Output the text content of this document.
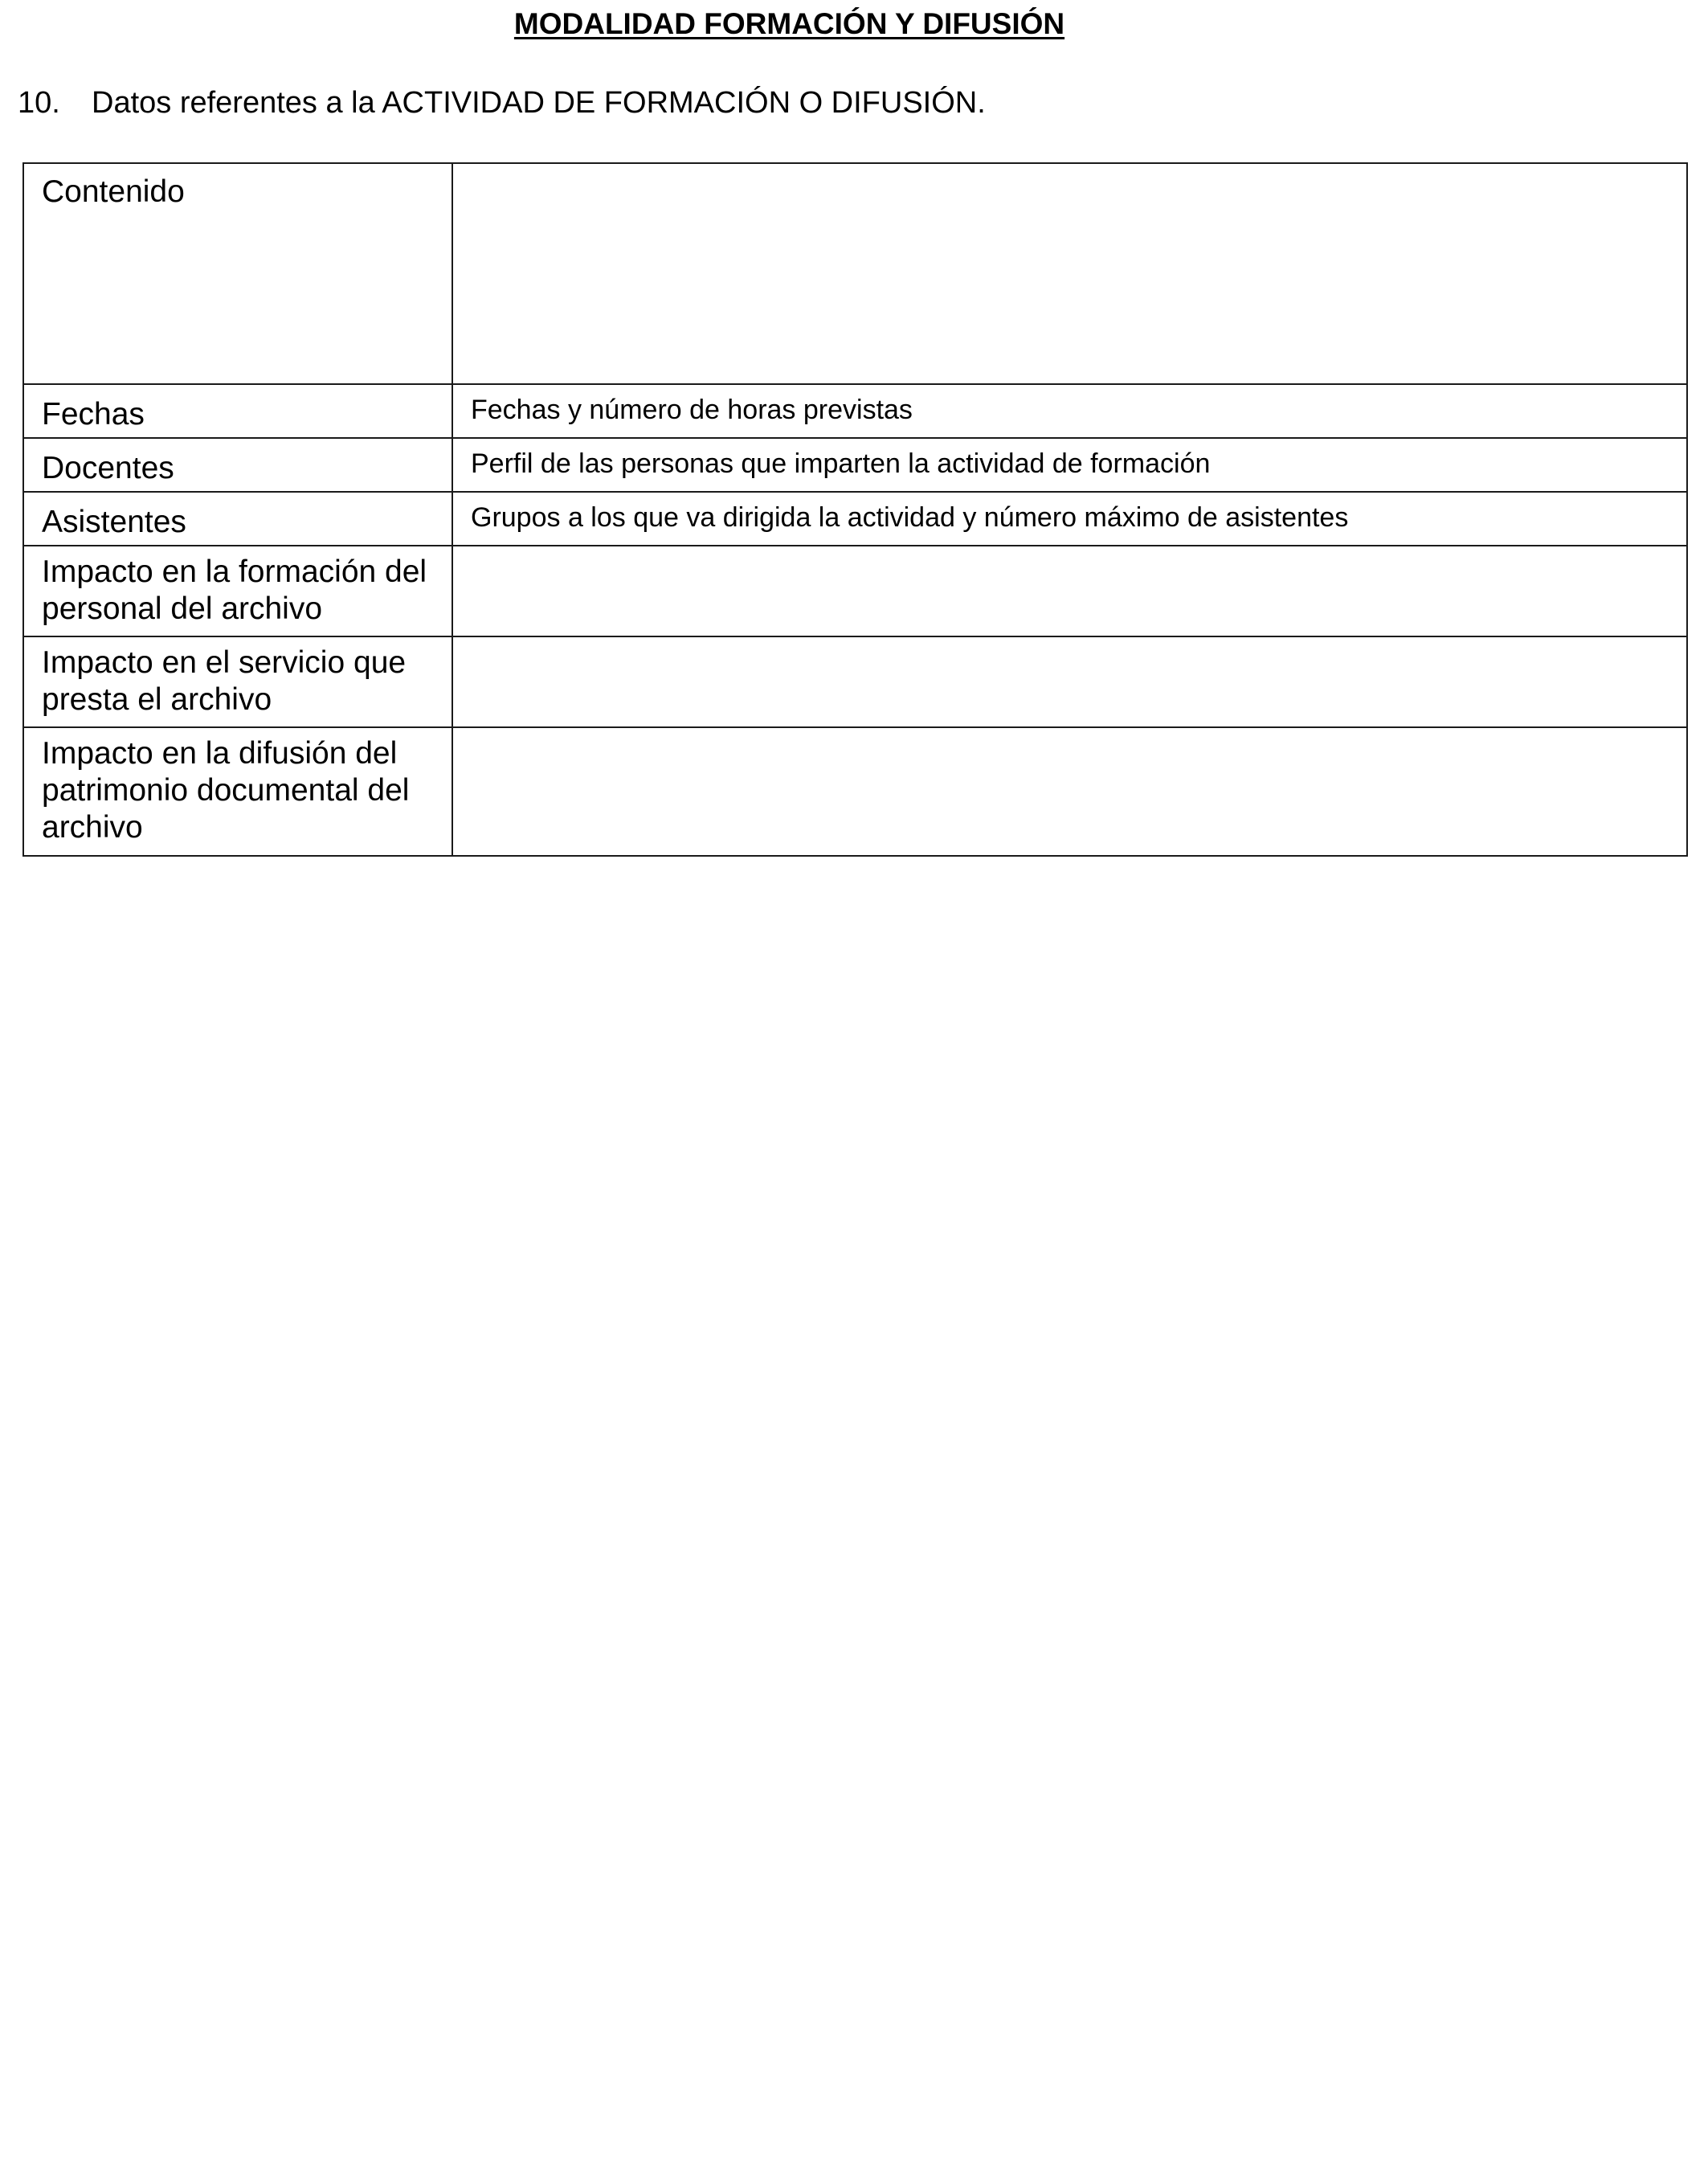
MODALIDAD FORMACIÓN Y DIFUSIÓN
10. Datos referentes a la ACTIVIDAD DE FORMACIÓN O DIFUSIÓN.
Contenido	
Fechas	Fechas y número de horas previstas
Docentes	Perfil de las personas que imparten la actividad de formación
Asistentes	Grupos a los que va dirigida la actividad y número máximo de asistentes
Impacto en la formación del personal del archivo	
Impacto en el servicio que presta el archivo	
Impacto en la difusión del patrimonio documental del archivo	
